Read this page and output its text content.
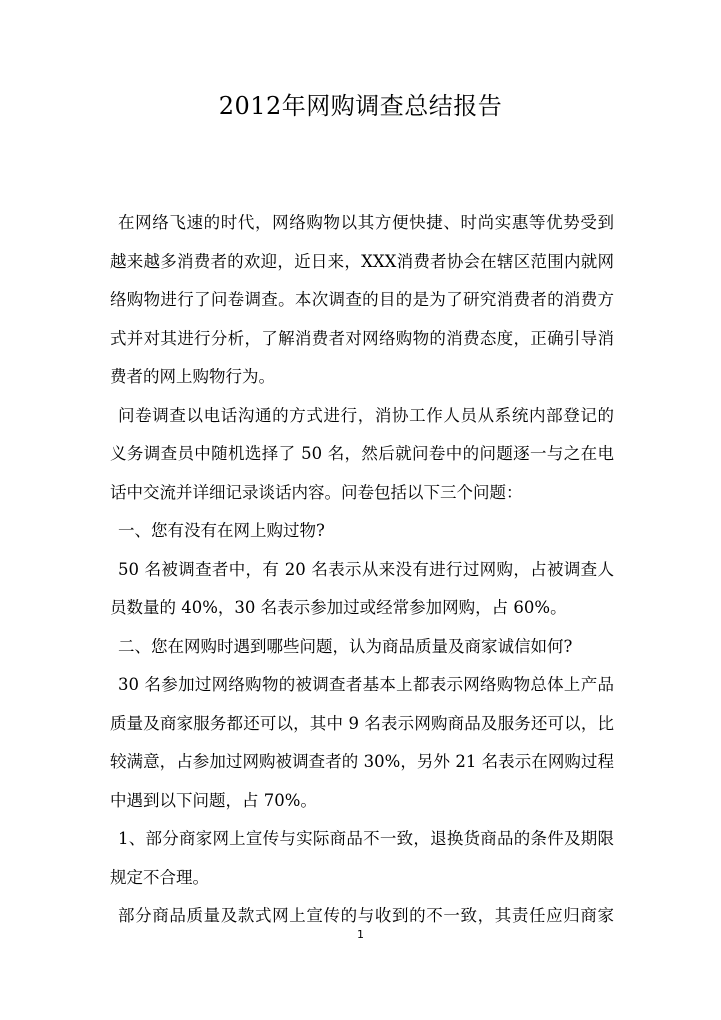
2012年网购调查总结报告
在网络飞速的时代，网络购物以其方便快捷、时尚实惠等优势受到
越来越多消费者的欢迎，近日来，XXX消费者协会在辖区范围内就网
络购物进行了问卷调查。本次调查的目的是为了研究消费者的消费方
式并对其进行分析，了解消费者对网络购物的消费态度，正确引导消
费者的网上购物行为。
问卷调查以电话沟通的方式进行，消协工作人员从系统内部登记的
义务调查员中随机选择了 50 名，然后就问卷中的问题逐一与之在电
话中交流并详细记录谈话内容。问卷包括以下三个问题：
一、您有没有在网上购过物?
50 名被调查者中，有 20 名表示从来没有进行过网购，占被调查人
员数量的 40%，30 名表示参加过或经常参加网购，占 60%。
二、您在网购时遇到哪些问题，认为商品质量及商家诚信如何?
30 名参加过网络购物的被调查者基本上都表示网络购物总体上产品
质量及商家服务都还可以，其中 9 名表示网购商品及服务还可以，比
较满意，占参加过网购被调查者的 30%，另外 21 名表示在网购过程
中遇到以下问题，占 70%。
1、部分商家网上宣传与实际商品不一致，退换货商品的条件及期限
规定不合理。
部分商品质量及款式网上宣传的与收到的不一致，其责任应归商家
1
